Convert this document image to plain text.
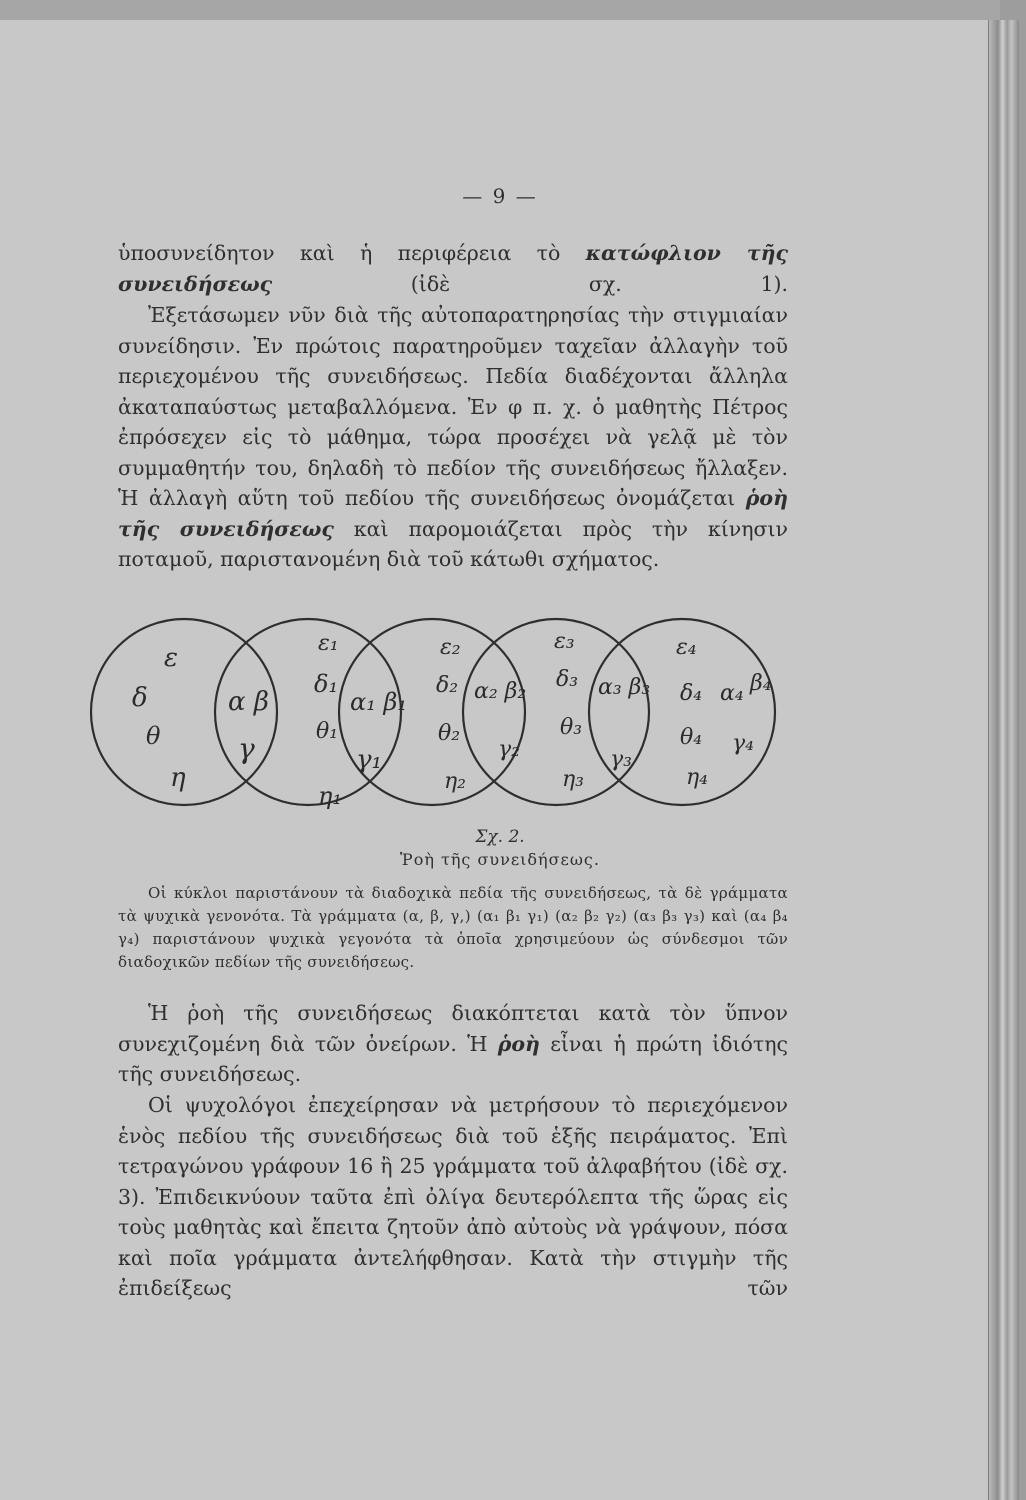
— 9 —
ὑποσυνείδητον καὶ ἡ περιφέρεια τὸ κατώφλιον τῆς συνειδήσεως (ἰδὲ σχ. 1).
Ἐξετάσωμεν νῦν διὰ τῆς αὐτοπαρατηρησίας τὴν στιγμιαίαν συνείδησιν. Ἐν πρώτοις παρατηροῦμεν ταχεῖαν ἀλλαγὴν τοῦ περιεχομένου τῆς συνειδήσεως. Πεδία διαδέχονται ἄλληλα ἀκαταπαύστως μεταβαλλόμενα. Ἐν φ π. χ. ὁ μαθητὴς Πέτρος ἐπρόσεχεν εἰς τὸ μάθημα, τώρα προσέχει νὰ γελᾷ μὲ τὸν συμμαθητήν του, δηλαδὴ τὸ πεδίον τῆς συνειδήσεως ἤλλαξεν. Ἡ ἀλλαγὴ αὕτη τοῦ πεδίου τῆς συνειδήσεως ὀνομάζεται ῥοὴ τῆς συνειδήσεως καὶ παρομοιάζεται πρὸς τὴν κίνησιν ποταμοῦ, παριστανομένη διὰ τοῦ κάτωθι σχήματος.
ε
δ
θ
η
α β
γ
ε₁
δ₁
θ₁
η₁
α₁ β₁
γ₁
ε₂
δ₂
θ₂
η₂
α₂ β₂
γ₂
ε₃
δ₃
θ₃
η₃
α₃ β₃
γ₃
ε₄
δ₄ α₄ β₄
θ₄ γ₄
η₄
Σχ. 2.
Ῥοὴ τῆς συνειδήσεως.
Οἱ κύκλοι παριστάνουν τὰ διαδοχικὰ πεδία τῆς συνειδήσεως, τὰ δὲ γράμματα τὰ ψυχικὰ γενονότα. Τὰ γράμματα (α, β, γ,) (α₁ β₁ γ₁) (α₂ β₂ γ₂) (α₃ β₃ γ₃) καὶ (α₄ β₄ γ₄) παριστάνουν ψυχικὰ γεγονότα τὰ ὁποῖα χρησιμεύουν ὡς σύνδεσμοι τῶν διαδοχικῶν πεδίων τῆς συνειδήσεως.
Ἡ ῥοὴ τῆς συνειδήσεως διακόπτεται κατὰ τὸν ὕπνον συνεχιζομένη διὰ τῶν ὀνείρων. Ἡ ῥοὴ εἶναι ἡ πρώτη ἰδιότης τῆς συνειδήσεως.
Οἱ ψυχολόγοι ἐπεχείρησαν νὰ μετρήσουν τὸ περιεχόμενον ἑνὸς πεδίου τῆς συνειδήσεως διὰ τοῦ ἑξῆς πειράματος. Ἐπὶ τετραγώνου γράφουν 16 ἢ 25 γράμματα τοῦ ἀλφαβήτου (ἰδὲ σχ. 3). Ἐπιδεικνύουν ταῦτα ἐπὶ ὀλίγα δευτερόλεπτα τῆς ὥρας εἰς τοὺς μαθητὰς καὶ ἔπειτα ζητοῦν ἀπὸ αὐτοὺς νὰ γράψουν, πόσα καὶ ποῖα γράμματα ἀντελήφθησαν. Κατὰ τὴν στιγμὴν τῆς ἐπιδείξεως τῶν
